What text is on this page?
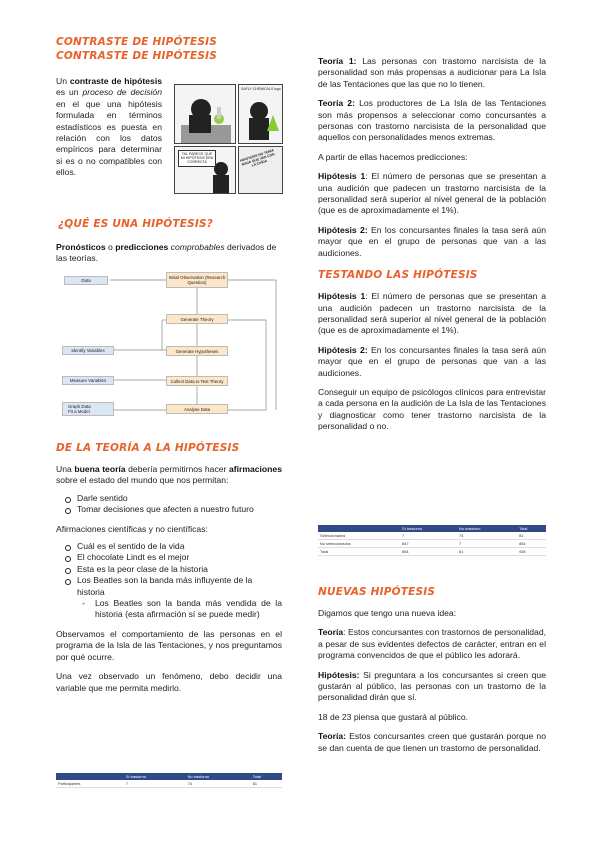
CONTRASTE DE HIPÓTESIS
CONTRASTE DE HIPÓTESIS

Un contraste de hipótesis es un proceso de decisión en el que una hipótesis formulada en términos estadísticos es puesta en relación con los datos empíricos para determinar si es o no compatibles con ellos.

¿QUÉ ES UNA HIPÓTESIS?

Pronósticos o predicciones comprobables derivados de las teorías.

SAFLY CHEMICALS logo
TAL PARECE QUE MI HIPÓTESIS ERA CORRECTA	HIPÓTESIS NO TENÍA NADA QUE VER CON LA CAÍDA
Data
Initial Observation (Research Question)
Generate Theory
Identify Variables	Generate Hypotheses
Measure Variables	Collect Data to Test Theory
Graph Data
Fit a Model	Analyse Data
DE LA TEORÍA A LA HIPÓTESIS

Una buena teoría debería permitirnos hacer afirmaciones sobre el estado del mundo que nos permitan:

Darle sentido
Tomar decisiones que afecten a nuestro futuro

Afirmaciones científicas y no científicas:

Cuál es el sentido de la vida
El chocolate Lindt es el mejor
Esta es la peor clase de la historia
Los Beatles son la banda más influyente de la historia
- Los Beatles son la banda más vendida de la historia (esta afirmación sí se puede medir)

Observamos el comportamiento de las personas en el programa de la Isla de las Tentaciones, y nos preguntamos por qué ocurre.

Una vez observado un fenómeno, debo decidir una variable que me permita medirlo.

	Sí trastorno	No trastorno	Total
Participantes	7	74	81

Teoría 1: Las personas con trastorno narcisista de la personalidad son más propensas a audicionar para La Isla de las Tentaciones que las que no lo tienen.

Teoría 2: Los productores de La Isla de las Tentaciones son más propensos a seleccionar como concursantes a personas con trastorno narcisista de la personalidad que aquellos con personalidades menos extremas.

A partir de ellas hacemos predicciones:

Hipótesis 1: El número de personas que se presentan a una audición que padecen un trastorno narcisista de la personalidad será superior al nivel general de la población (que es de aproximadamente el 1%).

Hipótesis 2: En los concursantes finales la tasa será aún mayor que en el grupo de personas que van a las audiciones.

TESTANDO LAS HIPÓTESIS

Hipótesis 1: El número de personas que se presentan a una audición padecen un trastorno narcisista de la personalidad será superior al nivel general de la población (que es de aproximadamente el 1%).

Hipótesis 2: En los concursantes finales la tasa será aún mayor que en el grupo de personas que van a las audiciones.

Conseguir un equipo de psicólogos clínicos para entrevistar a cada persona en la audición de La Isla de las Tentaciones y diagnosticar como tener trastorno narcisista de la personalidad o no.

	Sí trastorno	No trastorno	Total
Seleccionados	7	74	81
No seleccionados	847	7	854
Total	854	81	935
NUEVAS HIPÓTESIS

Digamos que tengo una nueva idea:

Teoría: Estos concursantes con trastornos de personalidad, a pesar de sus evidentes defectos de carácter, entran en el programa convencidos de que el público les adorará.

Hipótesis: Si preguntara a los concursantes si creen que gustarán al público, las personas con un trastorno de la personalidad dirán que sí.

18 de 23 piensa que gustará al público.

Teoría: Estos concursantes creen que gustarán porque no se dan cuenta de que tienen un trastorno de personalidad.
